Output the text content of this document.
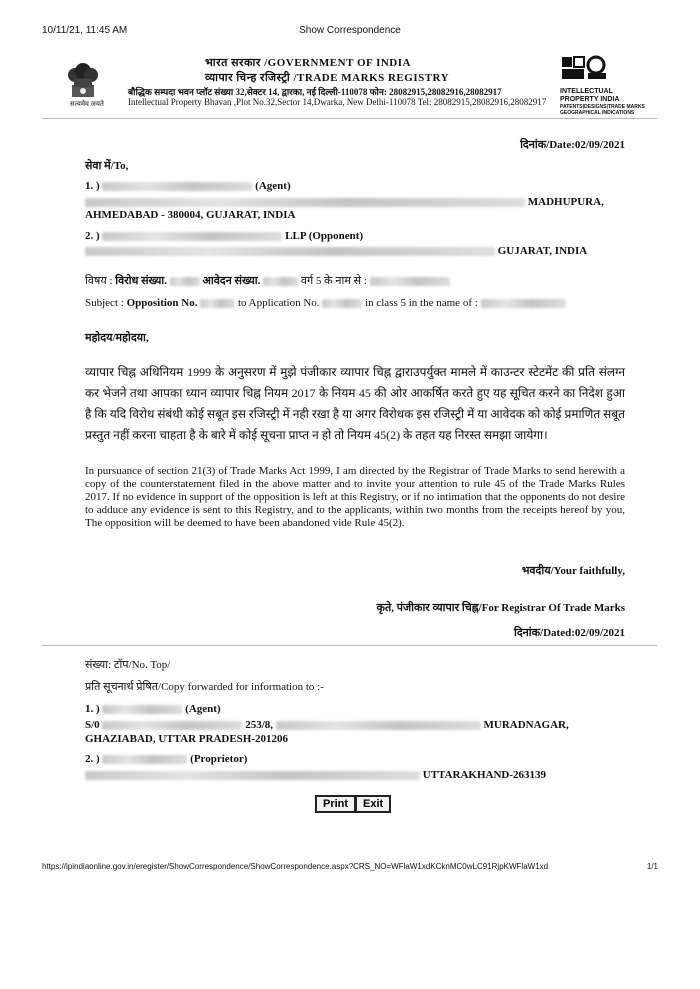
10/11/21, 11:45 AM	Show Correspondence
सत्यमेव जयते
भारत सरकार /GOVERNMENT OF INDIA
व्यापार चिन्ह रजिस्ट्री /TRADE MARKS REGISTRY
बौद्धिक सम्पदा भवन प्लॉट संख्या 32,सेक्टर 14, द्वारका, नई दिल्ली-110078 फोन: 28082915,28082916,28082917
Intellectual Property Bhavan ,Plot No.32,Sector 14,Dwarka, New Delhi-110078 Tel: 28082915,28082916,28082917
INTELLECTUAL
PROPERTY INDIA
PATENTS|DESIGNS|TRADE MARKS
GEOGRAPHICAL INDICATIONS
दिनांक/Date:02/09/2021
सेवा में/To,
1. )	(Agent)
MADHUPURA,
AHMEDABAD - 380004, GUJARAT, INDIA
2. )	LLP (Opponent)
GUJARAT, INDIA
विषय : विरोध संख्या.	आवेदन संख्या.	वर्ग 5 के नाम से :
Subject : Opposition No.	to Application No.	in class 5 in the name of :
महोदय/महोदया,
व्यापार चिह्न अधिनियम 1999 के अनुसरण में मुझे पंजीकार व्यापार चिह्न द्वाराउपर्युक्त मामले में काउन्टर स्टेटमेंट की प्रति संलग्न कर भेजने तथा आपका ध्यान व्यापार चिह्न नियम 2017 के नियम 45 की ओर आकर्षित करते हुए यह सूचित करने का निदेश हुआ है कि यदि विरोध संबंधी कोई सबूत इस रजिस्ट्री में नही रखा है या अगर विरोधक इस रजिस्ट्री में या आवेदक को कोई प्रमाणित सबूत प्रस्तुत नहीं करना चाहता है के बारे में कोई सूचना प्राप्त न हो तो नियम 45(2) के तहत यह निरस्त समझा जायेगा।
In pursuance of section 21(3) of Trade Marks Act 1999, I am directed by the Registrar of Trade Marks to send herewith a copy of the counterstatement filed in the above matter and to invite your attention to rule 45 of the Trade Marks Rules 2017. If no evidence in support of the opposition is left at this Registry, or if no intimation that the opponents do not desire to adduce any evidence is sent to this Registry, and to the applicants, within two months from the receipts hereof by you, The opposition will be deemed to have been abandoned vide Rule 45(2).
भवदीय/Your faithfully,
कृते, पंजीकार व्यापार चिह्न/For Registrar Of Trade Marks
दिनांक/Dated:02/09/2021
संख्या: टॉप/No. Top/
प्रति सूचनार्थ प्रेषित/Copy forwarded for information to :-
1. )	(Agent)
S/0	253/8,	MURADNAGAR,
GHAZIABAD, UTTAR PRADESH-201206
2. )	(Proprietor)
UTTARAKHAND-263139
Print	Exit
https://ipindiaonline.gov.in/eregister/ShowCorrespondence/ShowCorrespondence.aspx?CRS_NO=WFlaW1xdKCknMC0wLC91RjpKWFlaW1xd	1/1
